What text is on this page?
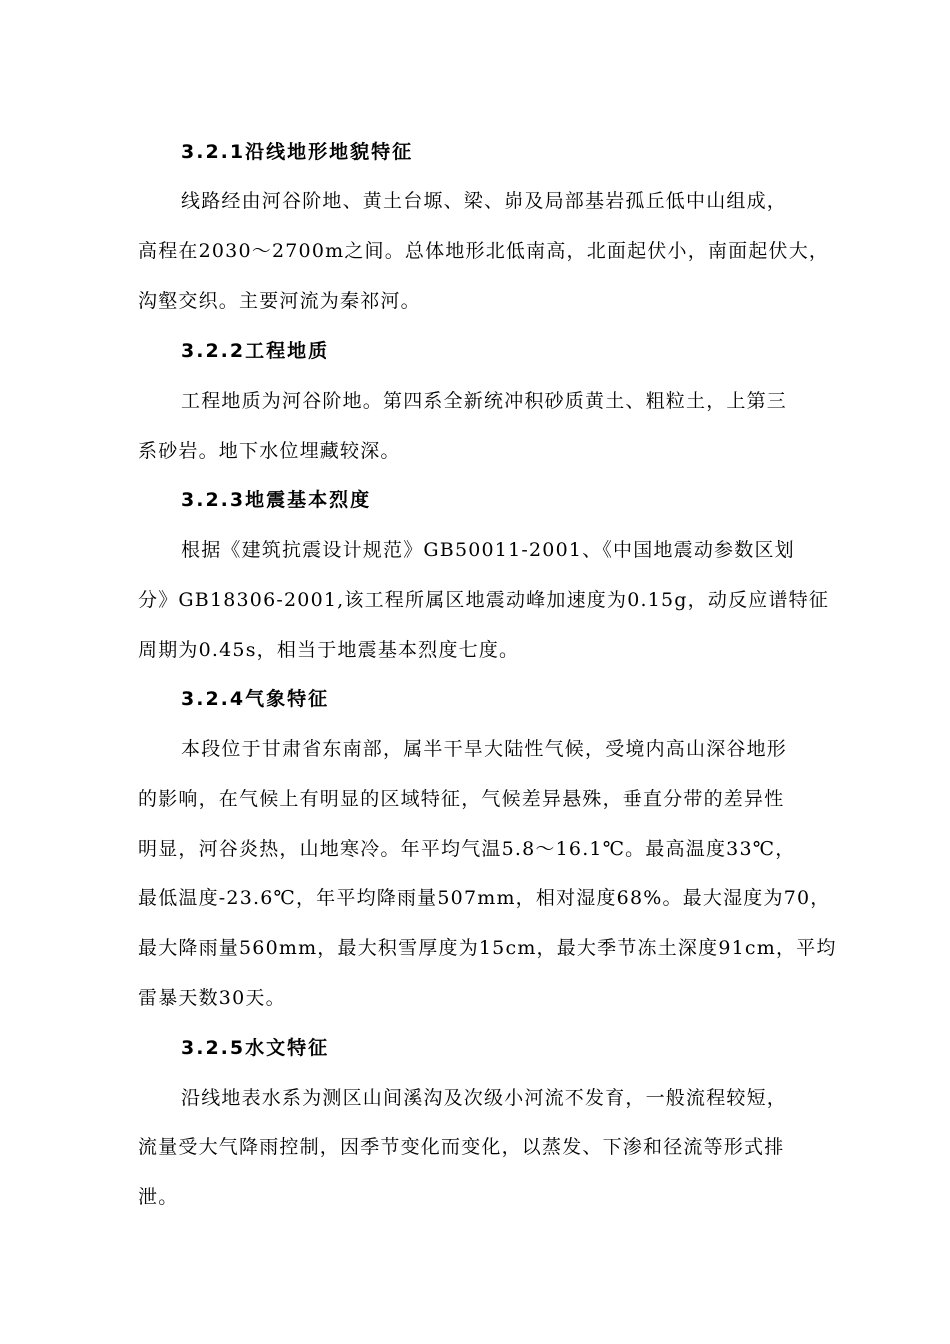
3.2.1沿线地形地貌特征
线路经由河谷阶地、黄土台塬、梁、峁及局部基岩孤丘低中山组成，
高程在2030～2700m之间。总体地形北低南高，北面起伏小，南面起伏大，
沟壑交织。主要河流为秦祁河。
3.2.2工程地质
工程地质为河谷阶地。第四系全新统冲积砂质黄土、粗粒土，上第三
系砂岩。地下水位埋藏较深。
3.2.3地震基本烈度
根据《建筑抗震设计规范》GB50011-2001、《中国地震动参数区划
分》GB18306-2001,该工程所属区地震动峰加速度为0.15g，动反应谱特征
周期为0.45s，相当于地震基本烈度七度。
3.2.4气象特征
本段位于甘肃省东南部，属半干旱大陆性气候，受境内高山深谷地形
的影响，在气候上有明显的区域特征，气候差异悬殊，垂直分带的差异性
明显，河谷炎热，山地寒冷。年平均气温5.8～16.1℃。最高温度33℃，
最低温度-23.6℃，年平均降雨量507mm，相对湿度68%。最大湿度为70，
最大降雨量560mm，最大积雪厚度为15cm，最大季节冻土深度91cm，平均
雷暴天数30天。
3.2.5水文特征
沿线地表水系为测区山间溪沟及次级小河流不发育，一般流程较短，
流量受大气降雨控制，因季节变化而变化，以蒸发、下渗和径流等形式排
泄。
